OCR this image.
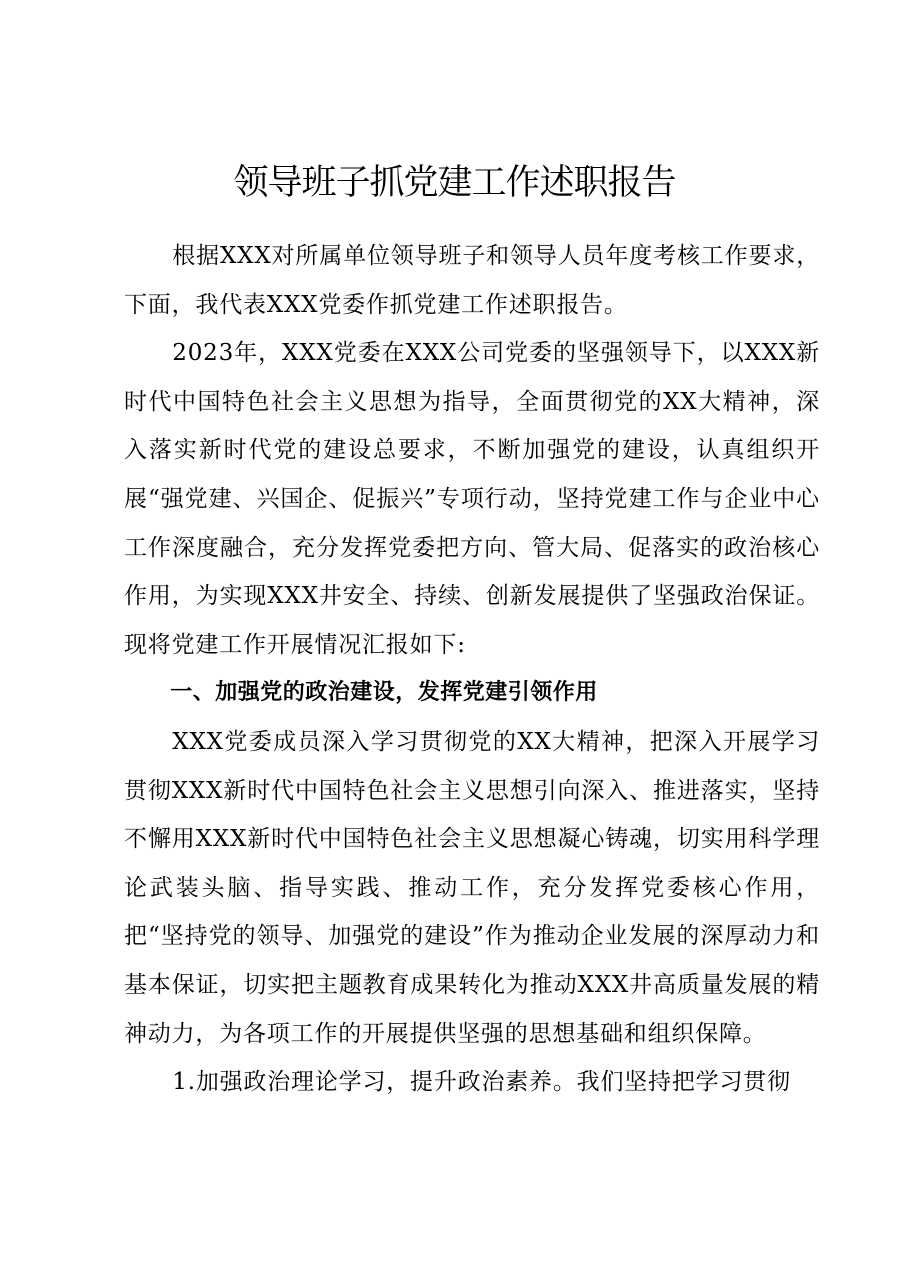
领导班子抓党建工作述职报告

根据XXX对所属单位领导班子和领导人员年度考核工作要求，下面，我代表XXX党委作抓党建工作述职报告。

2023年，XXX党委在XXX公司党委的坚强领导下，以XXX新时代中国特色社会主义思想为指导，全面贯彻党的XX大精神，深入落实新时代党的建设总要求，不断加强党的建设，认真组织开展“强党建、兴国企、促振兴”专项行动，坚持党建工作与企业中心工作深度融合，充分发挥党委把方向、管大局、促落实的政治核心作用，为实现XXX井安全、持续、创新发展提供了坚强政治保证。现将党建工作开展情况汇报如下:

一、加强党的政治建设，发挥党建引领作用

XXX党委成员深入学习贯彻党的XX大精神，把深入开展学习贯彻XXX新时代中国特色社会主义思想引向深入、推进落实，坚持不懈用XXX新时代中国特色社会主义思想凝心铸魂，切实用科学理论武装头脑、指导实践、推动工作，充分发挥党委核心作用，把“坚持党的领导、加强党的建设”作为推动企业发展的深厚动力和基本保证，切实把主题教育成果转化为推动XXX井高质量发展的精神动力，为各项工作的开展提供坚强的思想基础和组织保障。

1.加强政治理论学习，提升政治素养。我们坚持把学习贯彻
